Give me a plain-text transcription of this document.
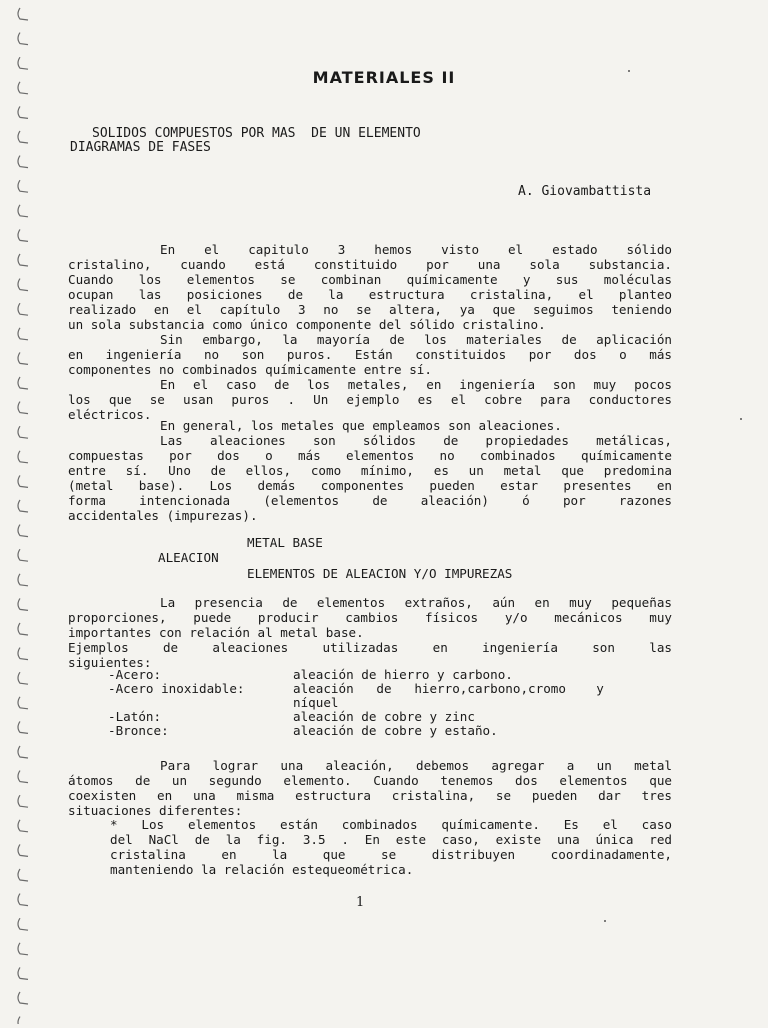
MATERIALES II
SOLIDOS COMPUESTOS POR MAS  DE UN ELEMENTO
DIAGRAMAS DE FASES
A. Giovambattista
En el capitulo 3 hemos visto el estado sólido
cristalino, cuando está constituido por una sola substancia.
Cuando los elementos se combinan químicamente y sus moléculas
ocupan las posiciones de la estructura cristalina, el planteo
realizado en el capítulo 3 no se altera, ya que seguimos teniendo
un sola substancia como único componente del sólido cristalino.
Sin embargo, la mayoría de los materiales de aplicación
en ingeniería no son puros. Están constituidos por dos o más
componentes no combinados químicamente entre sí.
En el caso de los metales, en ingeniería son muy pocos
los que se usan puros . Un ejemplo es el cobre para conductores
eléctricos.
En general, los metales que empleamos son aleaciones.
Las aleaciones son sólidos de propiedades metálicas,
compuestas por dos o más elementos no combinados químicamente
entre sí. Uno de ellos, como mínimo, es un metal que predomina
(metal base). Los demás componentes pueden estar presentes en
forma intencionada (elementos de aleación) ó por razones
accidentales (impurezas).
METAL BASE
ALEACION
ELEMENTOS DE ALEACION Y/O IMPUREZAS
La presencia de elementos extraños, aún en muy pequeñas
proporciones, puede producir cambios físicos y/o mecánicos muy
importantes con relación al metal base.
Ejemplos de aleaciones utilizadas en ingeniería son las
siguientes:
-Acero:	aleación de hierro y carbono.
-Acero inoxidable:	aleación   de   hierro,carbono,cromo    y
níquel
-Latón:	aleación de cobre y zinc
-Bronce:	aleación de cobre y estaño.
Para lograr una aleación, debemos agregar a un metal
átomos de un segundo elemento. Cuando tenemos dos elementos que
coexisten en una misma estructura cristalina, se pueden dar tres
situaciones diferentes:
* Los elementos están combinados químicamente. Es el caso
del NaCl de la fig. 3.5 . En este caso, existe una única red
cristalina en la que se distribuyen coordinadamente,
manteniendo la relación estequeométrica.
1
